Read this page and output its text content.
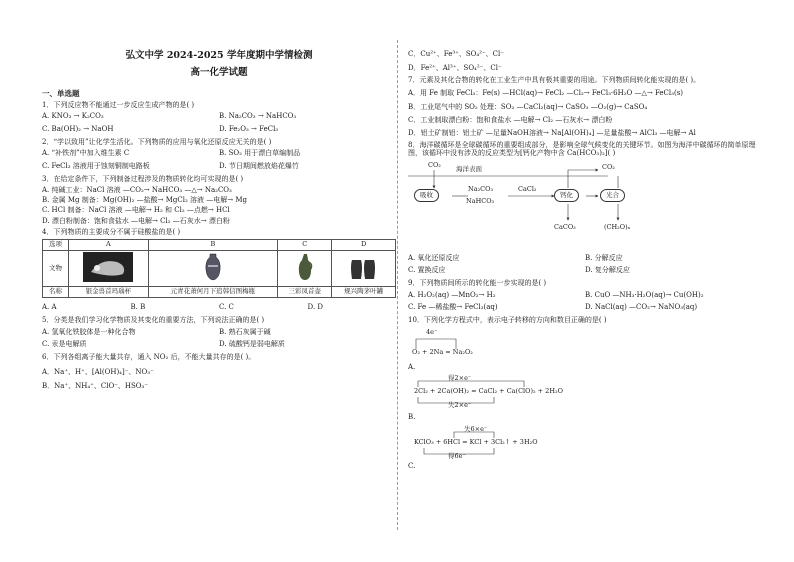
弘文中学 2024-2025 学年度期中学情检测
高一化学试题
一、单选题
1．下列反应物不能通过一步反应生成产物的是( )
A. KNO₃ → K₂CO₃	B. Na₂CO₃ → NaHCO₃
C. Ba(OH)₂ → NaOH	D. Fe₂O₃ → FeCl₃
2．“学以致用”让化学生活化。下列物质的应用与氧化还原反应无关的是( )
A. “补铁剂”中加入维生素 C	B. SO₂ 用于漂白草编制品
C. FeCl₃ 溶液用于蚀刻铜制电路板	D. 节日期间燃放焰花爆竹
3．在给定条件下，下列制备过程涉及的物质转化均可实现的是( )
A. 纯碱工业：NaCl 溶液 —CO₂→ NaHCO₃ —△→ Na₂CO₃
B. 金属 Mg 制备：Mg(OH)₂ —盐酸→ MgCl₂ 溶液 —电解→ Mg
C. HCl 制备：NaCl 溶液 —电解→ H₂ 和 Cl₂ —点燃→ HCl
D. 漂白粉制备：饱和食盐水 —电解→ Cl₂ —石灰水→ 漂白粉
4．下列物质的主要成分不属于硅酸盐的是( )
选项	A	B	C	D
文物				
名称	银金兽首玛瑙杯	元青花萧何月下追韩信图梅瓶	三彩凤首壶	规兴陶茅叶罐
A. A	B. B	C. C	D. D
5．分类是我们学习化学物质及其变化的重要方法，下列说法正确的是( )
A. 氢氧化铁胶体是一种化合物	B. 熟石灰属于碱
C. 汞是电解质	D. 硫酸钙是弱电解质
6．下列各组离子能大量共存，通入 NO₂ 后，不能大量共存的是( )。
A．Na⁺、H⁺、[Al(OH)₄]⁻、NO₃⁻
B．Na⁺、NH₄⁺、ClO⁻、HSO₃⁻
C．Cu²⁺、Fe³⁺、SO₄²⁻、Cl⁻
D．Fe²⁺、Al³⁺、SO₄²⁻、Cl⁻
7．元素及其化合物的转化在工业生产中具有极其重要的用途。下列物质间转化能实现的是( )。
A．用 Fe 制取 FeCl₃：Fe(s) —HCl(aq)→ FeCl₂ —Cl₂→ FeCl₃·6H₂O —△→ FeCl₃(s)
B．工业尾气中的 SO₂ 处理：SO₂ —CaCl₂(aq)→ CaSO₃ —O₂(g)→ CaSO₄
C．工业制取漂白粉：饱和食盐水 —电解→ Cl₂ —石灰水→ 漂白粉
D．铝土矿制铝：铝土矿 —足量NaOH溶液→ Na[Al(OH)₄] —足量盐酸→ AlCl₃ —电解→ Al
8．海洋碳循环是全球碳循环的重要组成部分，是影响全球气候变化的关键环节。如图为海洋中碳循环的简单原理图，该循环中没有涉及的反应类型为[钙化产物中含 Ca(HCO₃)₂]( )
CO₂ 海洋表面	CO₂
吸收
Na₂CO₃
NaHCO₃
CaCl₂
钙化	光合
CaCO₃	(CH₂O)ₓ
A. 氧化还原反应	B. 分解反应
C. 置换反应	D. 复分解反应
9．下列物质间所示的转化能一步实现的是( )
A. H₂O₂(aq) —MnO₂→ H₂	B. CuO —NH₃·H₂O(aq)→ Cu(OH)₂
C. Fe —稀盐酸→ FeCl₃(aq)	D. NaCl(aq) —CO₂→ NaNO₃(aq)
10．下列化学方程式中，表示电子转移的方向和数目正确的是( )
4e⁻
O₂ + 2Na = Na₂O₂
A.
得2×e⁻
2Cl₂ + 2Ca(OH)₂ = CaCl₂ + Ca(ClO)₂ + 2H₂O
失2×e⁻
B.
失6×e⁻
KClO₃ + 6HCl = KCl + 3Cl₂↑ + 3H₂O
得6e⁻
C.
